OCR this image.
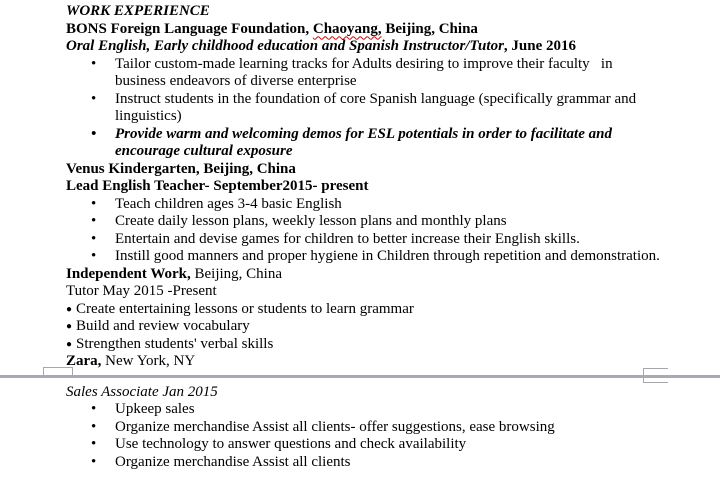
WORK EXPERIENCE
BONS Foreign Language Foundation, Chaoyang, Beijing, China
Oral English, Early childhood education and Spanish Instructor/Tutor, June 2016
• Tailor custom-made learning tracks for Adults desiring to improve their faculty   in business endeavors of diverse enterprise
• Instruct students in the foundation of core Spanish language (specifically grammar and linguistics)
• Provide warm and welcoming demos for ESL potentials in order to facilitate and encourage cultural exposure
Venus Kindergarten, Beijing, China
Lead English Teacher- September2015- present
• Teach children ages 3-4 basic English
• Create daily lesson plans, weekly lesson plans and monthly plans
• Entertain and devise games for children to better increase their English skills.
• Instill good manners and proper hygiene in Children through repetition and demonstration.
Independent Work, Beijing, China
Tutor May 2015 -Present
● Create entertaining lessons or students to learn grammar
● Build and review vocabulary
● Strengthen students' verbal skills
Zara, New York, NY
Sales Associate Jan 2015
• Upkeep sales
• Organize merchandise Assist all clients- offer suggestions, ease browsing
• Use technology to answer questions and check availability
• Organize merchandise Assist all clients
